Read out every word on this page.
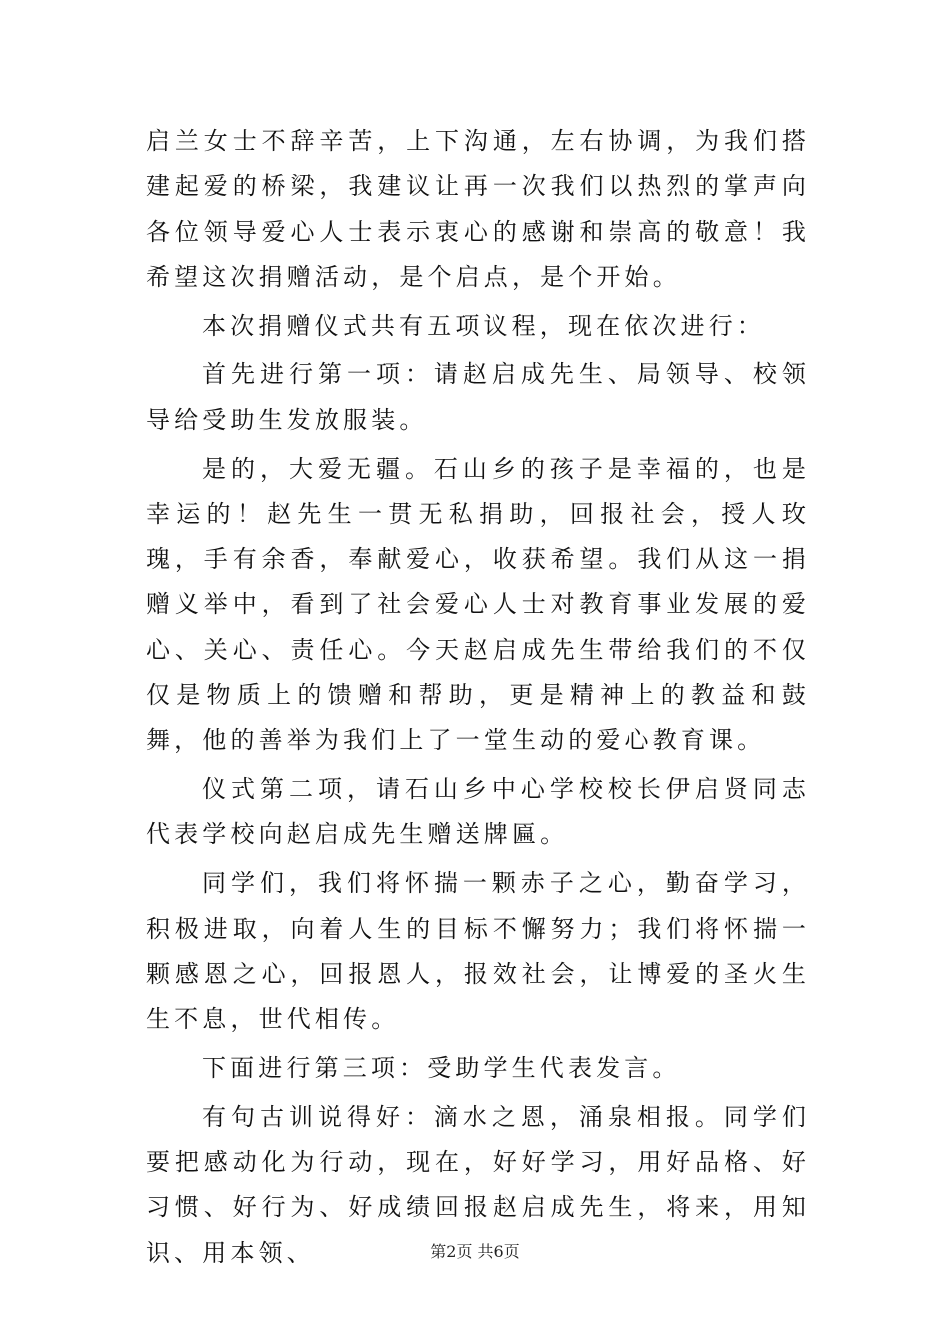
启兰女士不辞辛苦，上下沟通，左右协调，为我们搭建起爱的桥梁，我建议让再一次我们以热烈的掌声向各位领导爱心人士表示衷心的感谢和崇高的敬意！我希望这次捐赠活动，是个启点，是个开始。

本次捐赠仪式共有五项议程，现在依次进行：

首先进行第一项：请赵启成先生、局领导、校领导给受助生发放服装。

是的，大爱无疆。石山乡的孩子是幸福的，也是幸运的！赵先生一贯无私捐助，回报社会，授人玫瑰，手有余香，奉献爱心，收获希望。我们从这一捐赠义举中，看到了社会爱心人士对教育事业发展的爱心、关心、责任心。今天赵启成先生带给我们的不仅仅是物质上的馈赠和帮助，更是精神上的教益和鼓舞，他的善举为我们上了一堂生动的爱心教育课。

仪式第二项，请石山乡中心学校校长伊启贤同志代表学校向赵启成先生赠送牌匾。

同学们，我们将怀揣一颗赤子之心，勤奋学习，积极进取，向着人生的目标不懈努力；我们将怀揣一颗感恩之心，回报恩人，报效社会，让博爱的圣火生生不息，世代相传。

下面进行第三项：受助学生代表发言。

有句古训说得好：滴水之恩，涌泉相报。同学们要把感动化为行动，现在，好好学习，用好品格、好习惯、好行为、好成绩回报赵启成先生，将来，用知识、用本领、	第2页 共6页
